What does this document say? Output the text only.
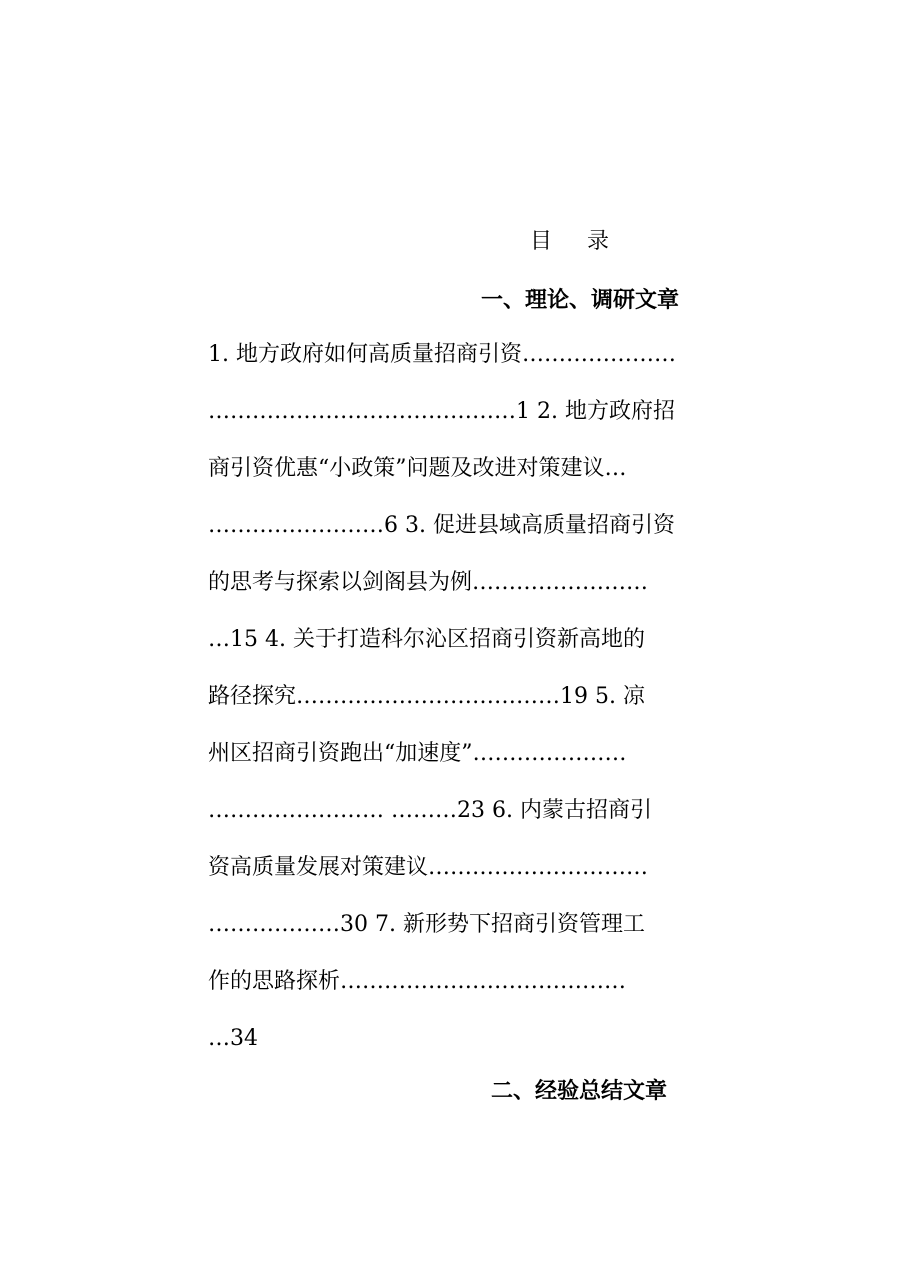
目 录
一、理论、调研文章
1. 地方政府如何高质量招商引资…………………
……………………………………1 2. 地方政府招
商引资优惠“小政策”问题及改进对策建议…
……………………6 3. 促进县域高质量招商引资
的思考与探索以剑阁县为例……………………
…15 4. 关于打造科尔沁区招商引资新高地的
路径探究………………………………19 5. 凉
州区招商引资跑出“加速度”…………………
…………………… ………23 6. 内蒙古招商引
资高质量发展对策建议…………………………
………………30 7. 新形势下招商引资管理工
作的思路探析…………………………………
…34
二、经验总结文章
